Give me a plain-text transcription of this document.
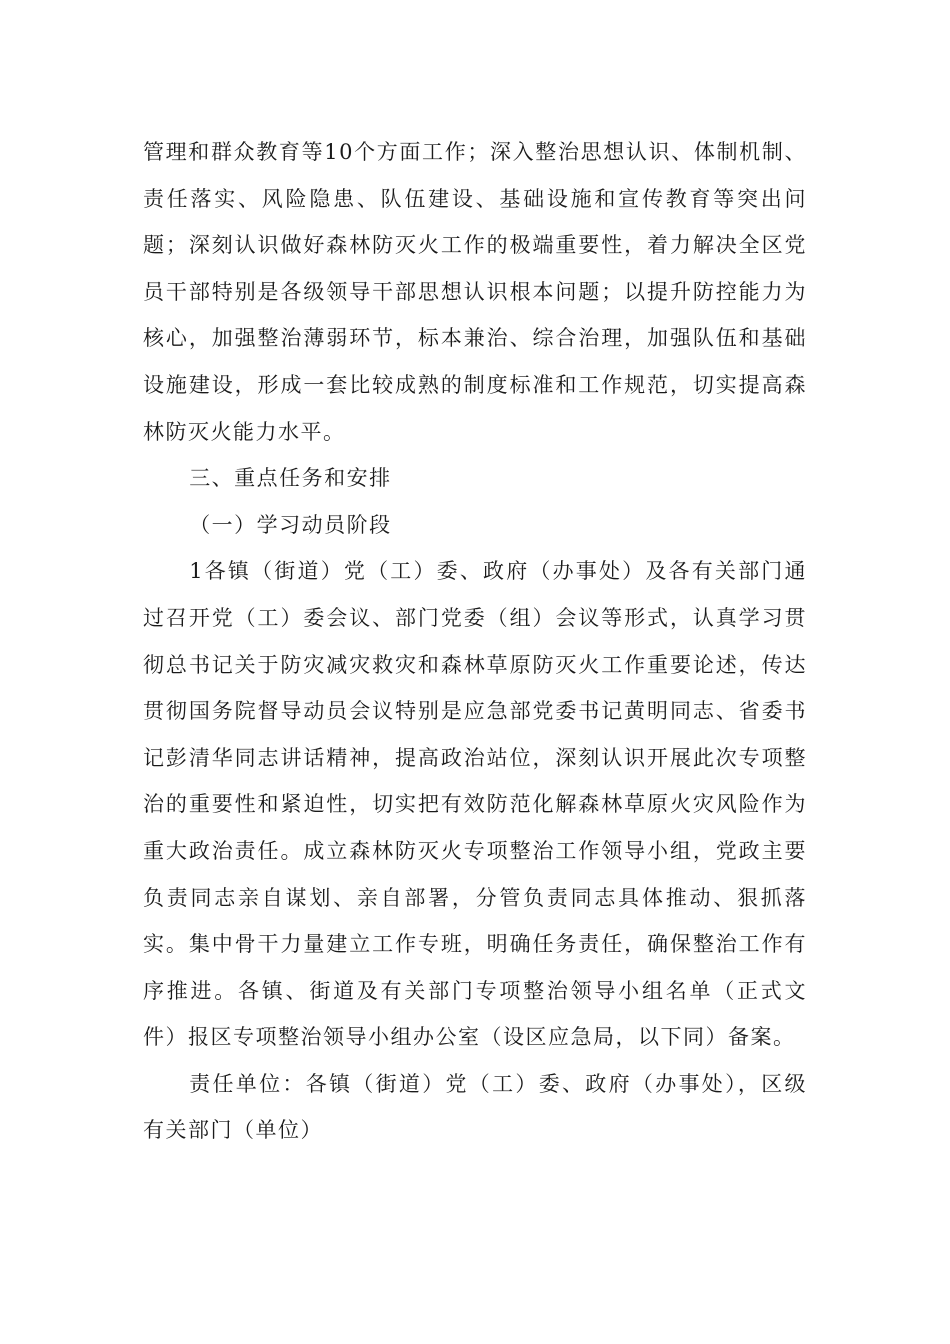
管理和群众教育等10个方面工作；深入整治思想认识、体制机制、责任落实、风险隐患、队伍建设、基础设施和宣传教育等突出问题；深刻认识做好森林防灭火工作的极端重要性，着力解决全区党员干部特别是各级领导干部思想认识根本问题；以提升防控能力为核心，加强整治薄弱环节，标本兼治、综合治理，加强队伍和基础设施建设，形成一套比较成熟的制度标准和工作规范，切实提高森林防灭火能力水平。

三、重点任务和安排

（一）学习动员阶段

1各镇（街道）党（工）委、政府（办事处）及各有关部门通过召开党（工）委会议、部门党委（组）会议等形式，认真学习贯彻总书记关于防灾减灾救灾和森林草原防灭火工作重要论述，传达贯彻国务院督导动员会议特别是应急部党委书记黄明同志、省委书记彭清华同志讲话精神，提高政治站位，深刻认识开展此次专项整治的重要性和紧迫性，切实把有效防范化解森林草原火灾风险作为重大政治责任。成立森林防灭火专项整治工作领导小组，党政主要负责同志亲自谋划、亲自部署，分管负责同志具体推动、狠抓落实。集中骨干力量建立工作专班，明确任务责任，确保整治工作有序推进。各镇、街道及有关部门专项整治领导小组名单（正式文件）报区专项整治领导小组办公室（设区应急局，以下同）备案。

责任单位：各镇（街道）党（工）委、政府（办事处），区级有关部门（单位）
